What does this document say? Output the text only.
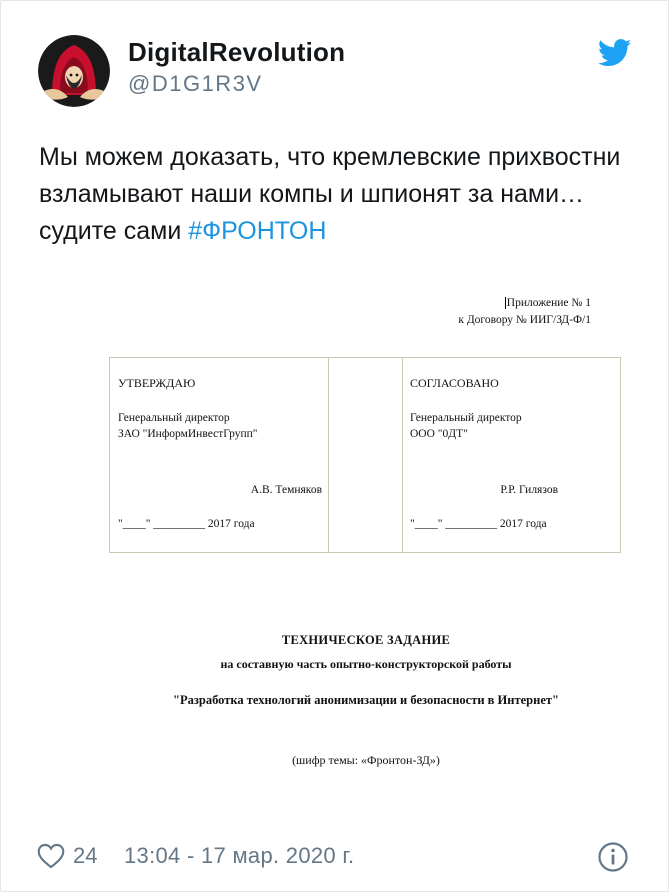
DigitalRevolution
@D1G1R3V
Мы можем доказать, что кремлевские прихвостни взламывают наши компы и шпионят за нами… судите сами #ФРОНТОН
Приложение № 1
к Договору № ИИГ/ЗД-Ф/1
УТВЕРЖДАЮ
Генеральный директор
ЗАО "ИнформИнвестГрупп"
А.В. Темняков
"____" _________ 2017 года
СОГЛАСОВАНО
Генеральный директор
ООО "0ДТ"
Р.Р. Гилязов
"____" _________ 2017 года
ТЕХНИЧЕСКОЕ ЗАДАНИЕ
на составную часть опытно-конструкторской работы
"Разработка технологий анонимизации и безопасности в Интернет"
(шифр темы: «Фронтон-ЗД»)
24 13:04 - 17 мар. 2020 г.
